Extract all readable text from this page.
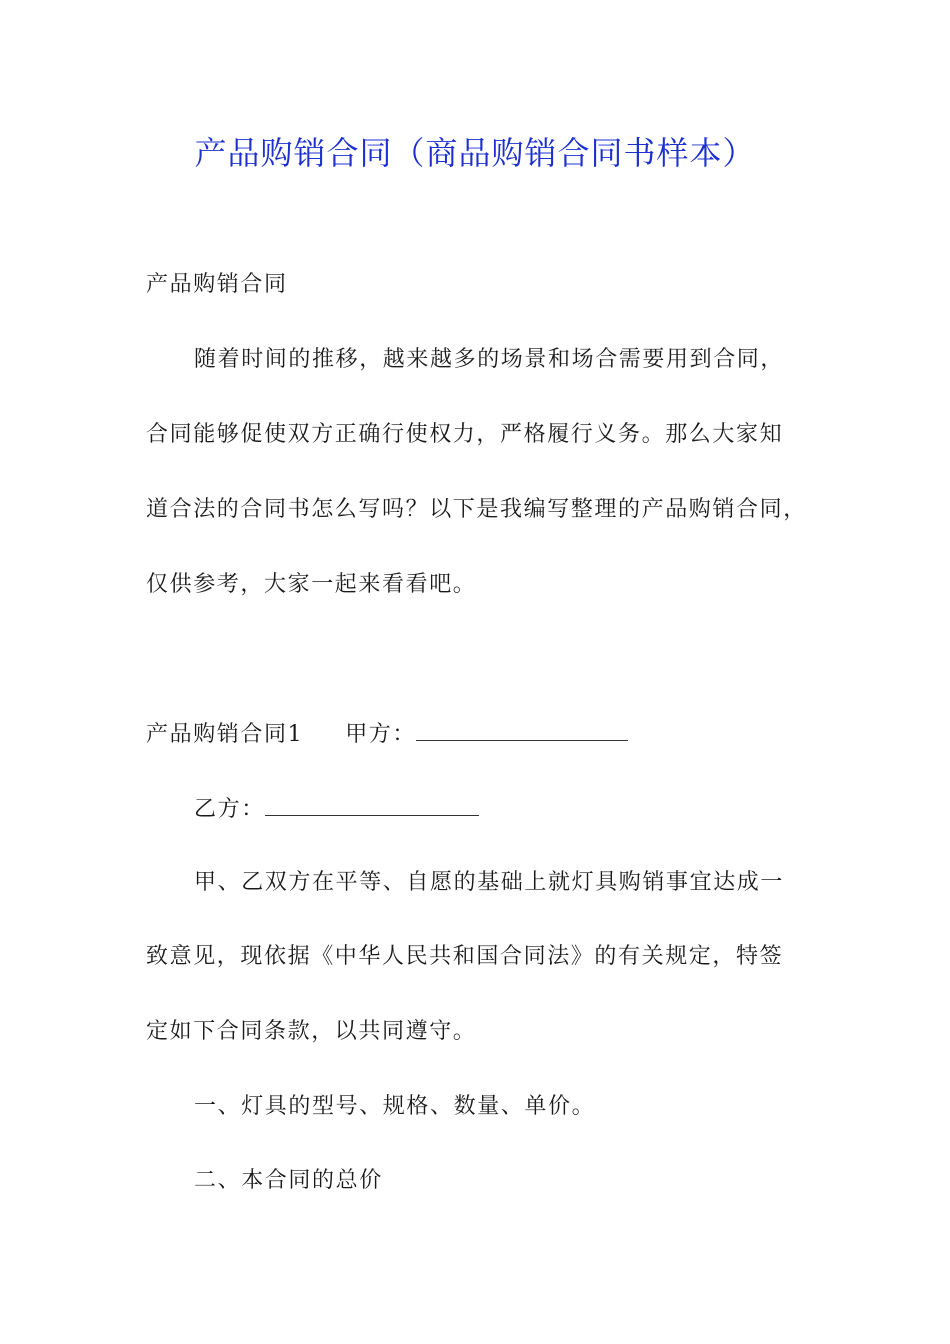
产品购销合同（商品购销合同书样本）
产品购销合同
随着时间的推移，越来越多的场景和场合需要用到合同，
合同能够促使双方正确行使权力，严格履行义务。那么大家知
道合法的合同书怎么写吗？以下是我编写整理的产品购销合同，
仅供参考，大家一起来看看吧。
产品购销合同1 甲方：
乙方：
甲、乙双方在平等、自愿的基础上就灯具购销事宜达成一
致意见，现依据《中华人民共和国合同法》的有关规定，特签
定如下合同条款，以共同遵守。
一、灯具的型号、规格、数量、单价。
二、本合同的总价
